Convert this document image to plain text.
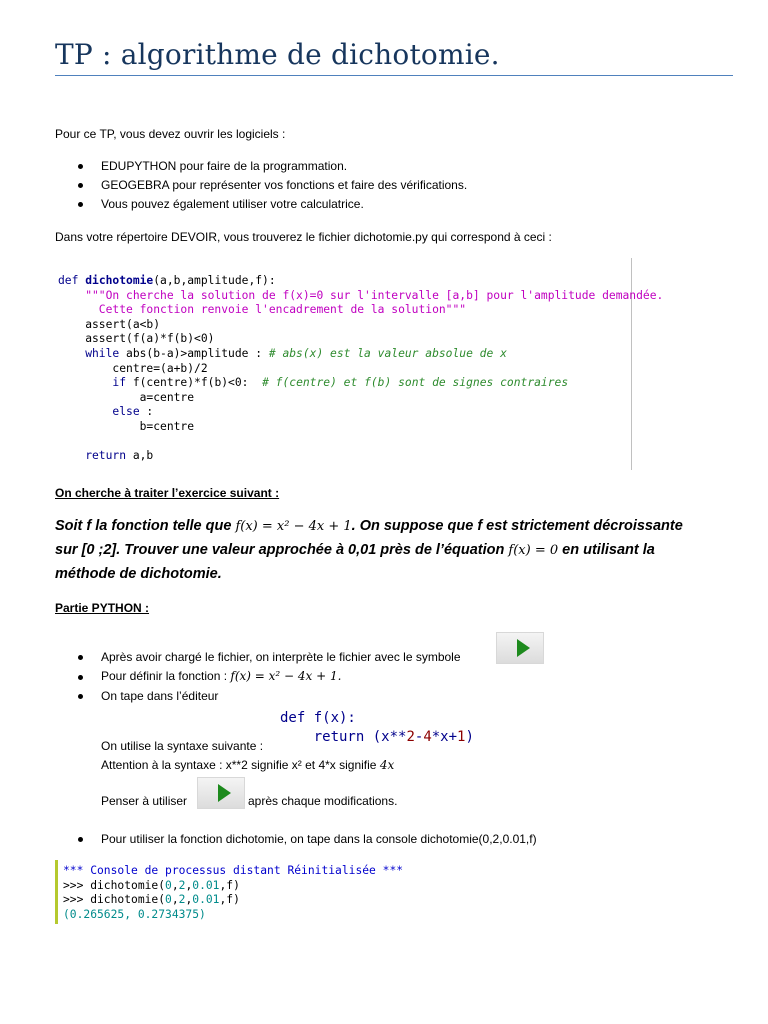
TP : algorithme de dichotomie.
Pour ce TP, vous devez ouvrir les logiciels :
EDUPYTHON pour faire de la programmation.
GEOGEBRA pour représenter vos fonctions et faire des vérifications.
Vous pouvez également utiliser votre calculatrice.
Dans votre répertoire DEVOIR, vous trouverez le fichier dichotomie.py qui correspond à ceci :
def dichotomie(a,b,amplitude,f):
"""On cherche la solution de f(x)=0 sur l'intervalle [a,b] pour l'amplitude demandée.
Cette fonction renvoie l'encadrement de la solution"""
assert(a<b)
assert(f(a)*f(b)<0)
while abs(b-a)>amplitude : # abs(x) est la valeur absolue de x
centre=(a+b)/2
if f(centre)*f(b)<0:  # f(centre) et f(b) sont de signes contraires
a=centre
else :
b=centre
return a,b
On cherche à traiter l’exercice suivant :
Soit f la fonction telle que f(x) = x² − 4x + 1. On suppose que f est strictement décroissante
sur [0 ;2]. Trouver une valeur approchée à 0,01 près de l’équation f(x) = 0 en utilisant la
méthode de dichotomie.
Partie PYTHON :
Après avoir chargé le fichier, on interprète le fichier avec le symbole
Pour définir la fonction : f(x) = x² − 4x + 1.
On tape dans l’éditeur
def f(x):
return (x**2-4*x+1)
On utilise la syntaxe suivante :
Attention à la syntaxe : x**2 signifie x² et 4*x signifie 4x
Penser à utiliser	après chaque modifications.
Pour utiliser la fonction dichotomie, on tape dans la console dichotomie(0,2,0.01,f)
*** Console de processus distant Réinitialisée ***
>>> dichotomie(0,2,0.01,f)
>>> dichotomie(0,2,0.01,f)
(0.265625, 0.2734375)
